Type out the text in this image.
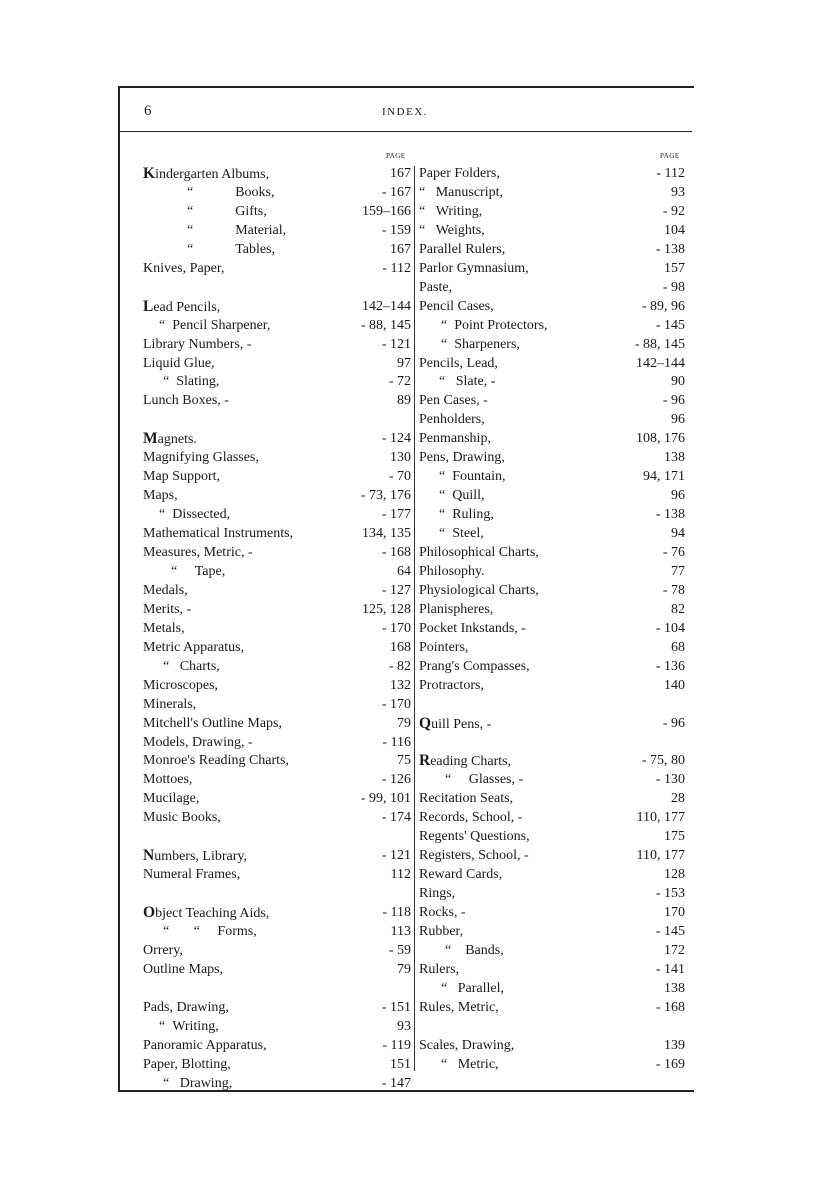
6	INDEX.
PAGE	PAGE
Kindergarten Albums,	167
“            Books,	- 167
“            Gifts,	159–166
“            Material,	- 159
“            Tables,	167
Knives, Paper,	- 112
Lead Pencils,	142–144
“  Pencil Sharpener,	- 88, 145
Library Numbers, -	- 121
Liquid Glue,	97
“  Slating,	- 72
Lunch Boxes, -	89
Magnets.	- 124
Magnifying Glasses,	130
Map Support,	- 70
Maps,	- 73, 176
“  Dissected,	- 177
Mathematical Instruments,	134, 135
Measures, Metric, -	- 168
“     Tape,	64
Medals,	- 127
Merits, -	125, 128
Metals,	- 170
Metric Apparatus,	168
“   Charts,	- 82
Microscopes,	132
Minerals,	- 170
Mitchell's Outline Maps,	79
Models, Drawing, -	- 116
Monroe's Reading Charts,	75
Mottoes,	- 126
Mucilage,	- 99, 101
Music Books,	- 174
Numbers, Library,	- 121
Numeral Frames,	112
Object Teaching Aids,	- 118
“       “     Forms,	113
Orrery,	- 59
Outline Maps,	79
Pads, Drawing,	- 151
“  Writing,	93
Panoramic Apparatus,	- 119
Paper, Blotting,	151
“   Drawing,	- 147
Paper Folders,	- 112
“   Manuscript,	93
“   Writing,	- 92
“   Weights,	104
Parallel Rulers,	- 138
Parlor Gymnasium,	157
Paste,	- 98
Pencil Cases,	- 89, 96
“  Point Protectors,	- 145
“  Sharpeners,	- 88, 145
Pencils, Lead,	142–144
“   Slate, -	90
Pen Cases, -	- 96
Penholders,	96
Penmanship,	108, 176
Pens, Drawing,	138
“  Fountain,	94, 171
“  Quill,	96
“  Ruling,	- 138
“  Steel,	94
Philosophical Charts,	- 76
Philosophy.	77
Physiological Charts,	- 78
Planispheres,	82
Pocket Inkstands, -	- 104
Pointers,	68
Prang's Compasses,	- 136
Protractors,	140
Quill Pens, -	- 96
Reading Charts,	- 75, 80
“     Glasses, -	- 130
Recitation Seats,	28
Records, School, -	110, 177
Regents' Questions,	175
Registers, School, -	110, 177
Reward Cards,	128
Rings,	- 153
Rocks, -	170
Rubber,	- 145
“    Bands,	172
Rulers,	- 141
“   Parallel,	138
Rules, Metric,	- 168
Scales, Drawing,	139
“   Metric,	- 169
